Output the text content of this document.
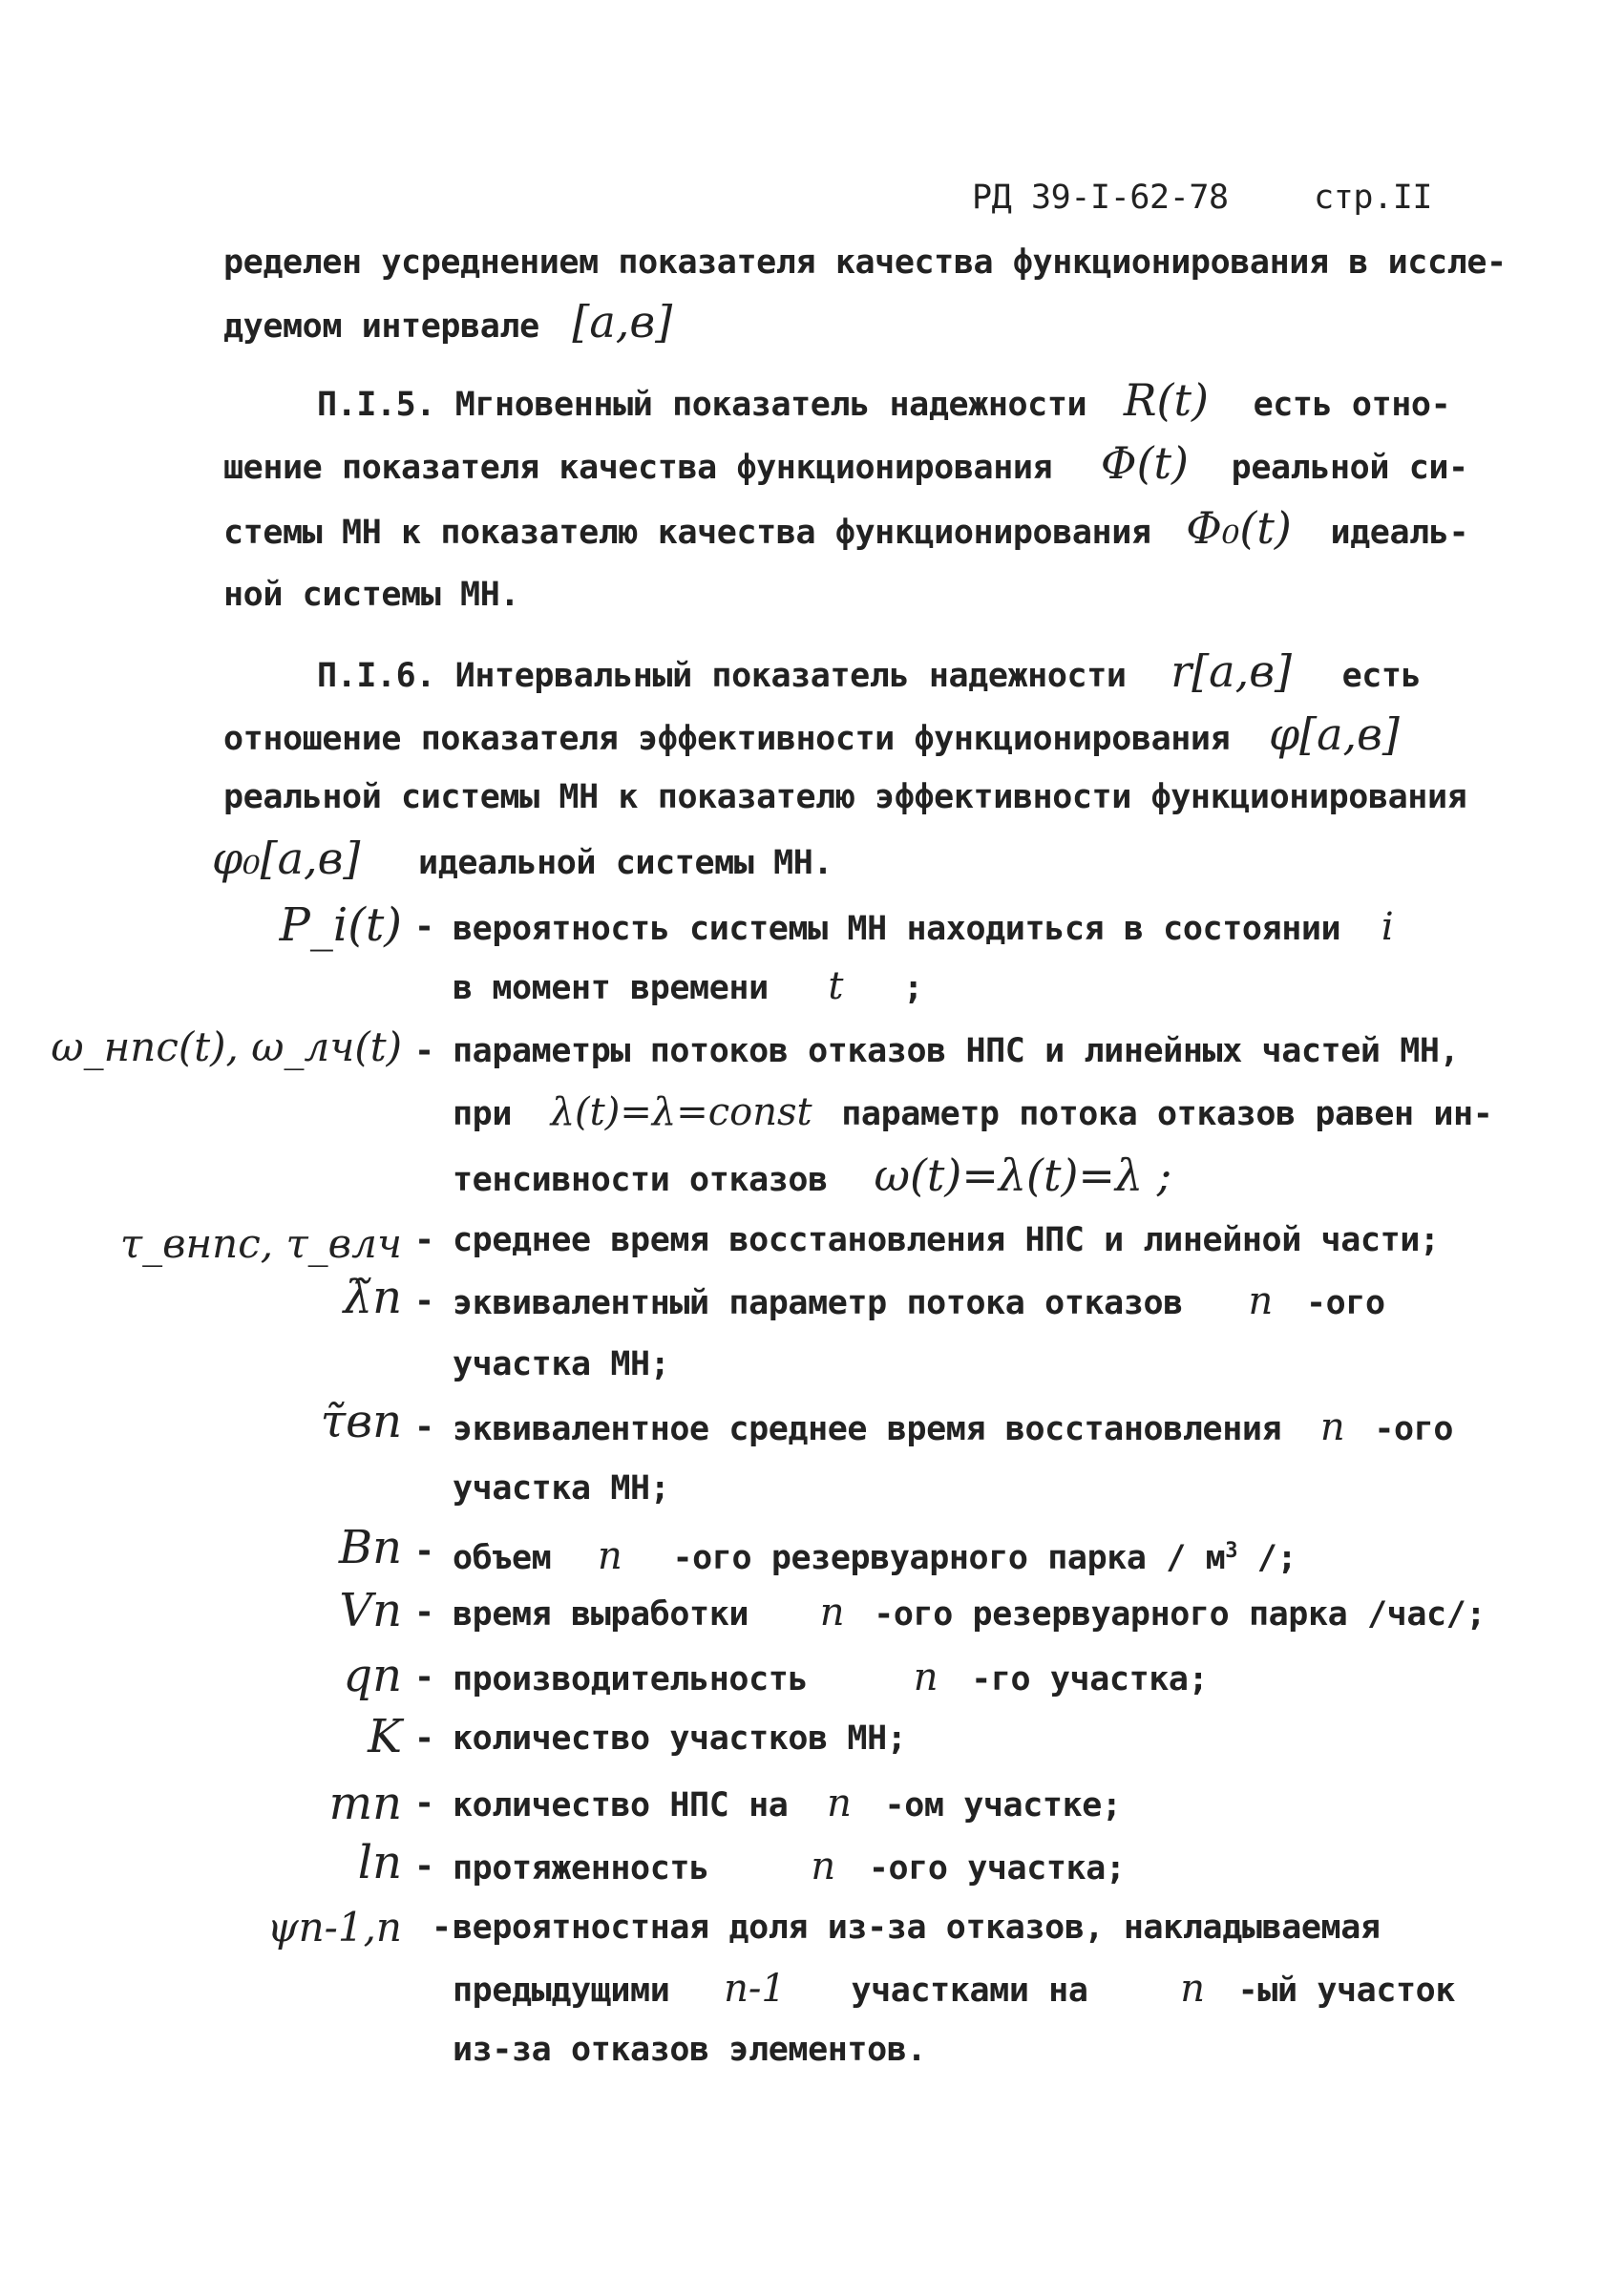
РД 39-I-62-78	стр.II
ределен усреднением показателя качества функционирования в иссле-
дуемом интервале [a,в]
П.I.5. Мгновенный показатель надежности R(t) есть отно-
шение показателя качества функционирования Φ(t) реальной си-
стемы МН к показателю качества функционирования Φ₀(t) идеаль-
ной системы МН.
П.I.6. Интервальный показатель надежности r[a,в] есть
отношение показателя эффективности функционирования φ[a,в]
реальной системы МН к показателю эффективности функционирования
φ₀[a,в] идеальной системы МН.
P_i(t) - вероятность системы МН находиться в состоянии i
в момент времени t ;
ω_нпс(t), ω_лч(t) - параметры потоков отказов НПС и линейных частей МН,
при λ(t)=λ=const параметр потока отказов равен ин-
тенсивности отказов ω(t)=λ(t)=λ ;
τ_внпс, τ_влч - среднее время восстановления НПС и линейной части;
λ̃n - эквивалентный параметр потока отказов n -ого
участка МН;
τ̃вn - эквивалентное среднее время восстановления n -ого
участка МН;
Вn - объем n -ого резервуарного парка / $м^3$ /;
Vn - время выработки n -ого резервуарного парка /час/;
qn - производительность	n -го участка;
K - количество участков МН;
mn - количество НПС на n -ом участке;
ln - протяженность	n -ого участка;
ψn-1,n - вероятностная доля из-за отказов, накладываемая
предыдущими n-1 участками на n -ый участок
из-за отказов элементов.
